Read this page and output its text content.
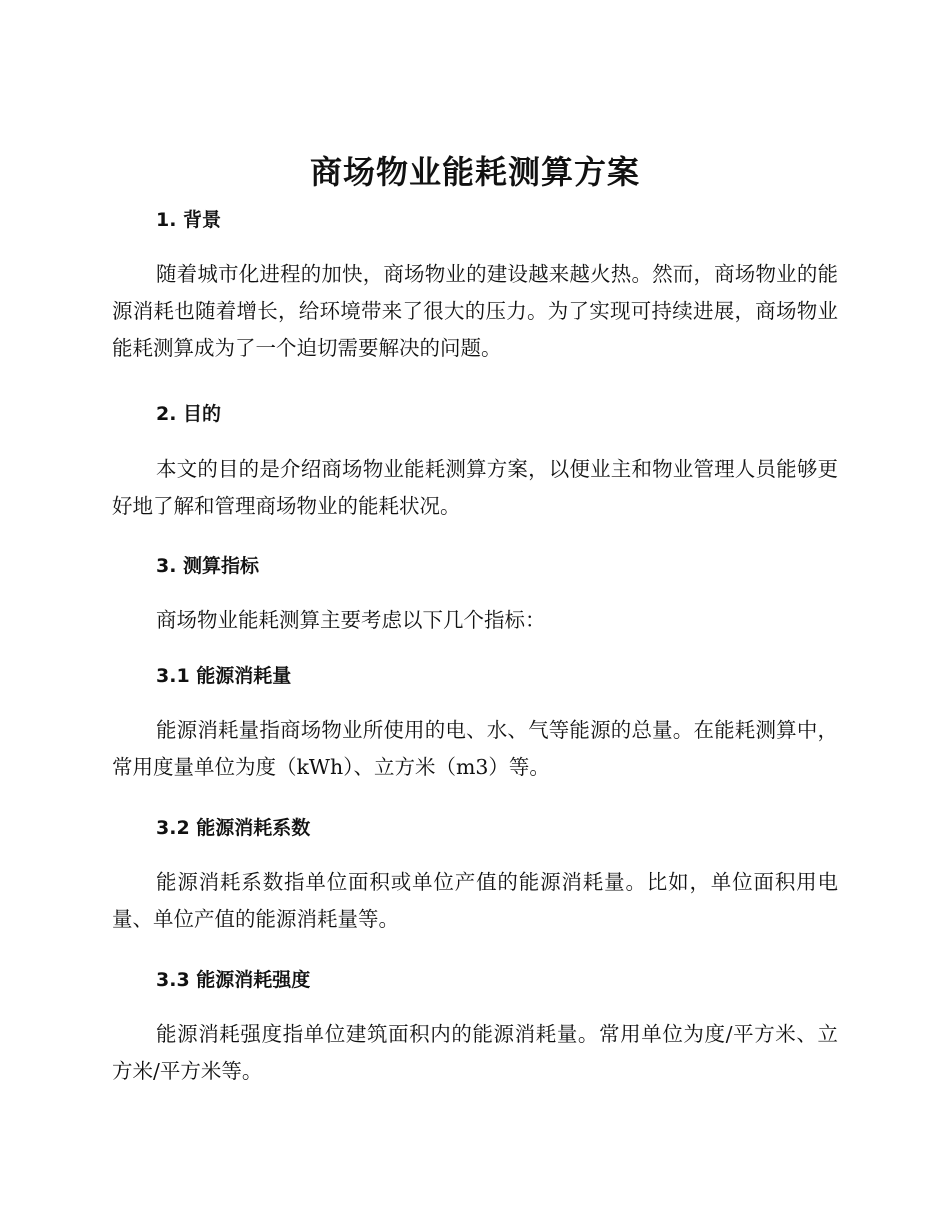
商场物业能耗测算方案
1. 背景

随着城市化进程的加快，商场物业的建设越来越火热。然而，商场物业的能源消耗也随着增长，给环境带来了很大的压力。为了实现可持续进展，商场物业能耗测算成为了一个迫切需要解决的问题。

2. 目的

本文的目的是介绍商场物业能耗测算方案，以便业主和物业管理人员能够更好地了解和管理商场物业的能耗状况。

3. 测算指标

商场物业能耗测算主要考虑以下几个指标：

3.1 能源消耗量

能源消耗量指商场物业所使用的电、水、气等能源的总量。在能耗测算中，常用度量单位为度（kWh）、立方米（m3）等。

3.2 能源消耗系数

能源消耗系数指单位面积或单位产值的能源消耗量。比如，单位面积用电量、单位产值的能源消耗量等。

3.3 能源消耗强度

能源消耗强度指单位建筑面积内的能源消耗量。常用单位为度/平方米、立方米/平方米等。
